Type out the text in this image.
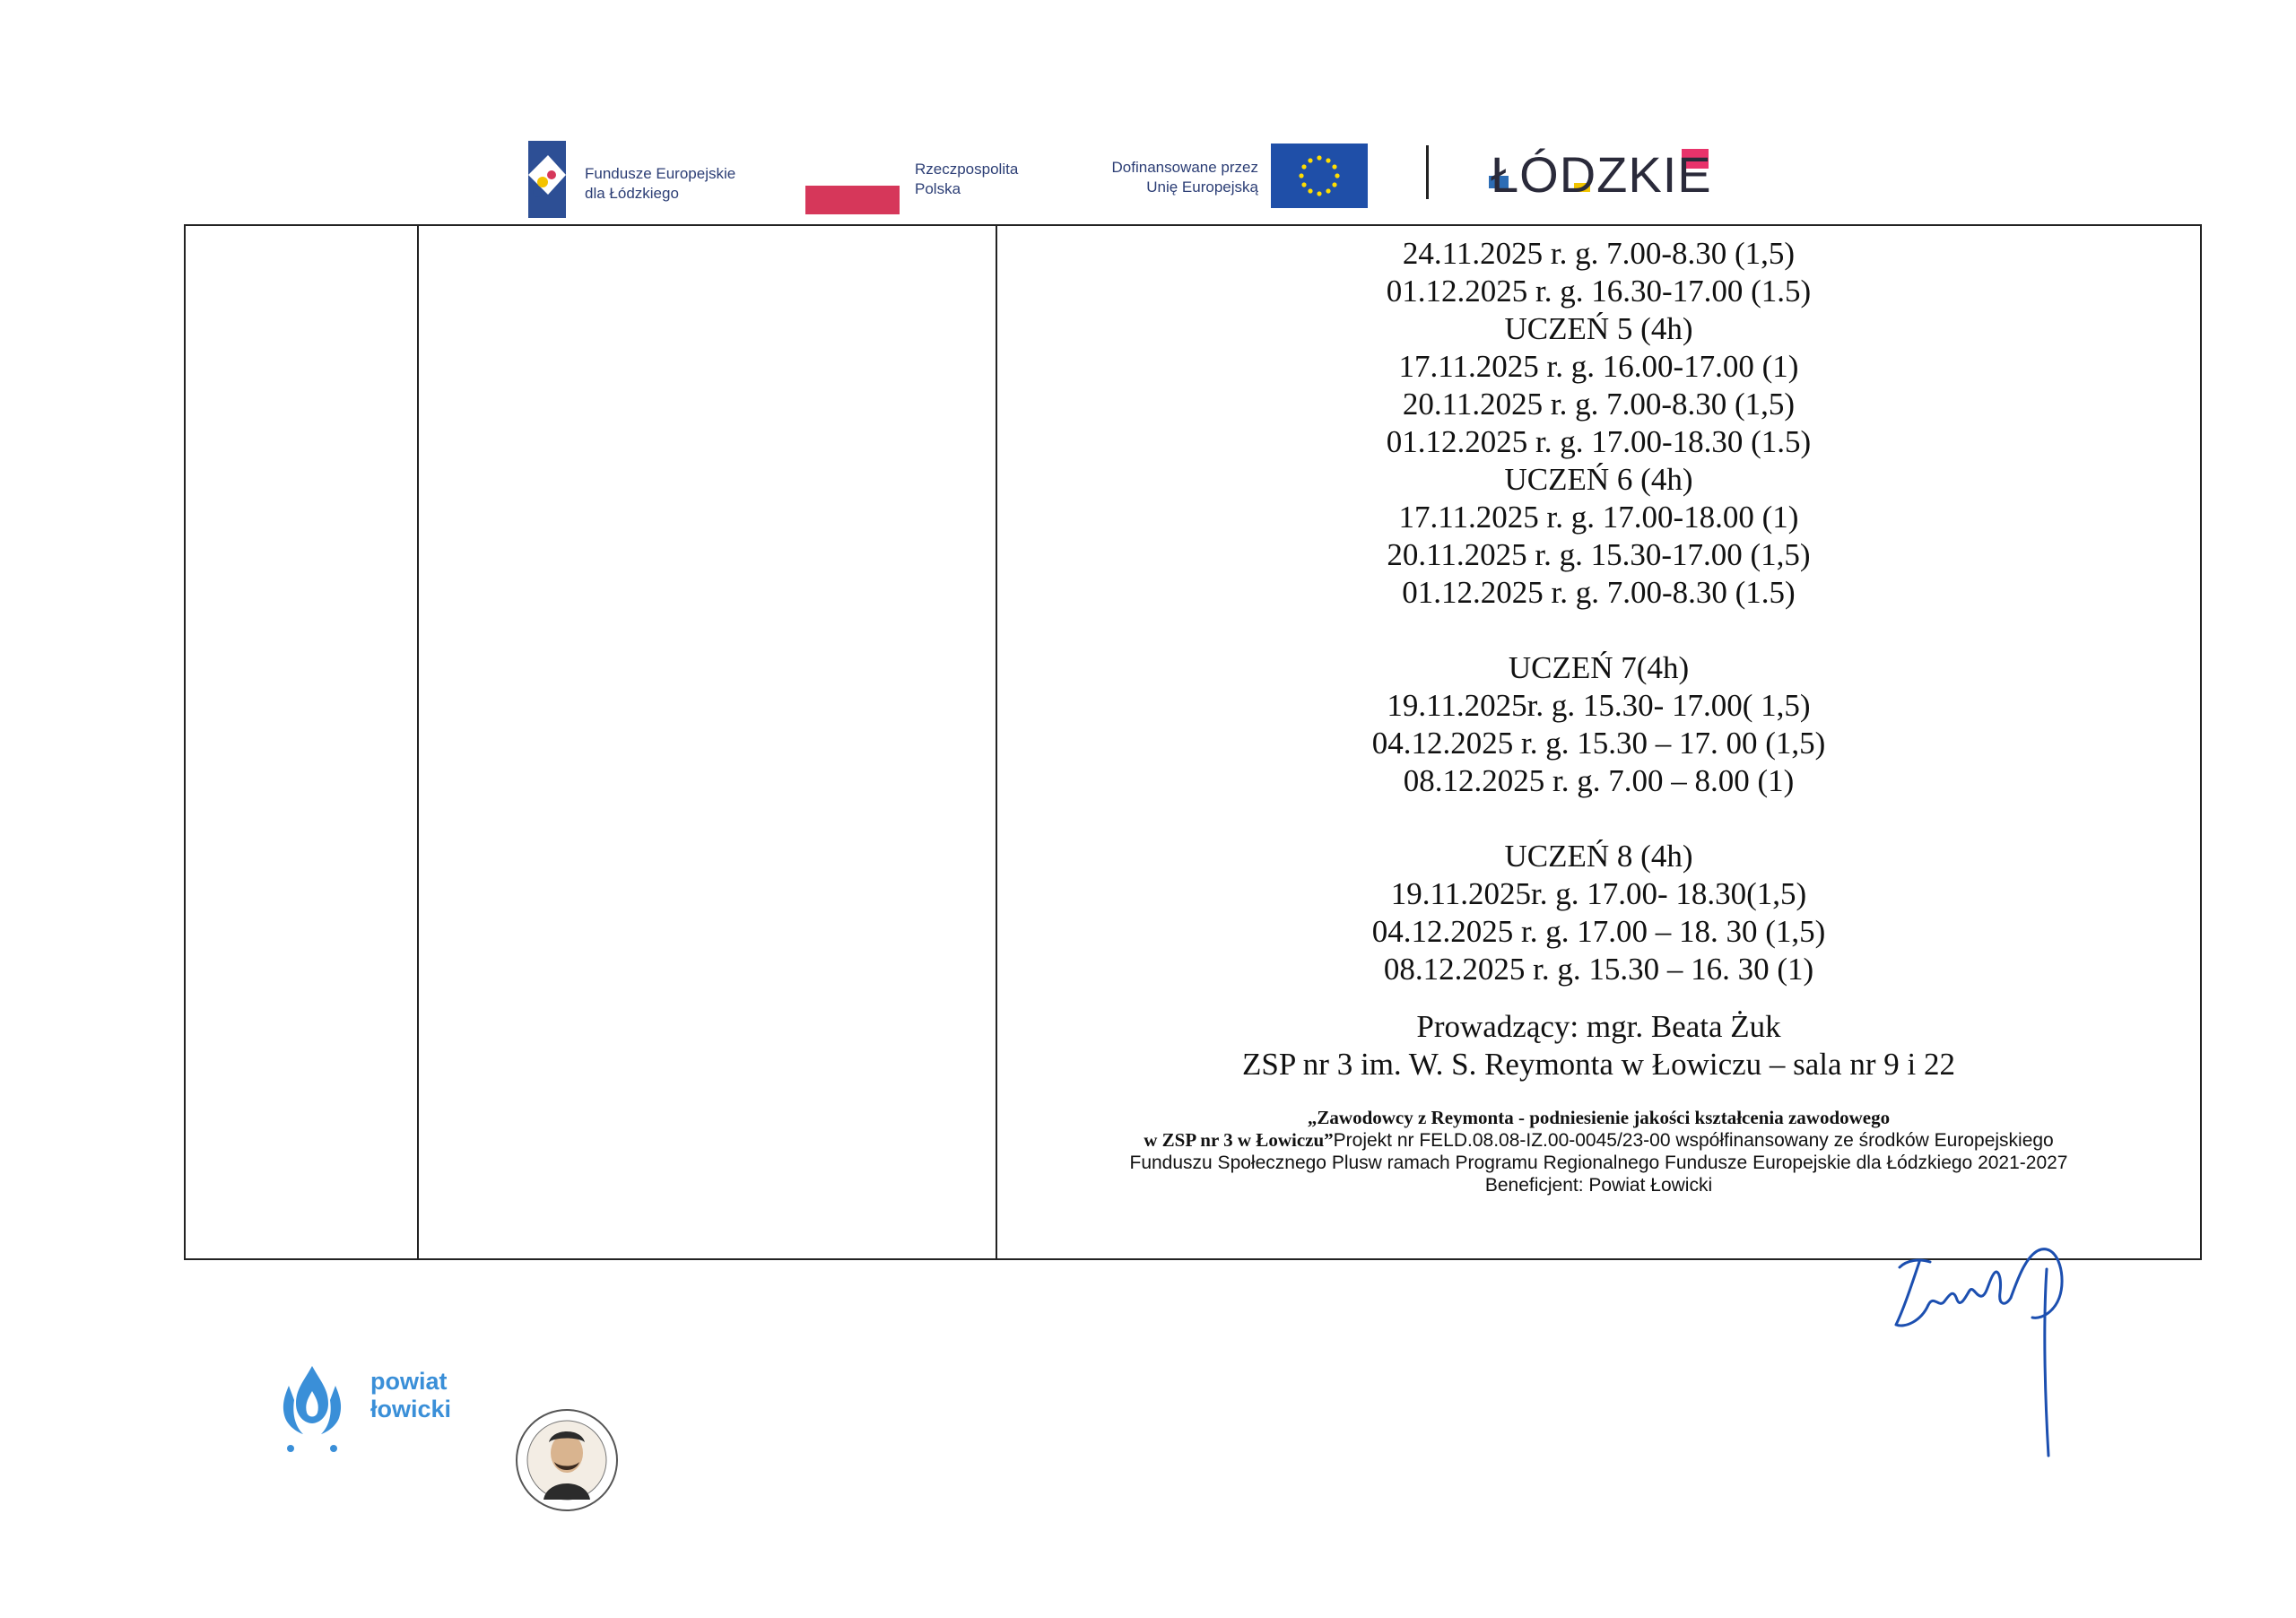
Fundusze Europejskie
dla Łódzkiego
Rzeczpospolita
Polska
Dofinansowane przez
Unię Europejską	ŁÓDZKIE
24.11.2025 r. g. 7.00-8.30 (1,5)
01.12.2025 r. g. 16.30-17.00 (1.5)
UCZEŃ 5 (4h)
17.11.2025 r. g. 16.00-17.00 (1)
20.11.2025 r. g. 7.00-8.30 (1,5)
01.12.2025 r. g. 17.00-18.30 (1.5)
UCZEŃ 6 (4h)
17.11.2025 r. g. 17.00-18.00 (1)
20.11.2025 r. g. 15.30-17.00 (1,5)
01.12.2025 r. g. 7.00-8.30 (1.5)
UCZEŃ 7(4h)
19.11.2025r. g. 15.30- 17.00( 1,5)
04.12.2025 r. g. 15.30 – 17. 00 (1,5)
08.12.2025 r. g. 7.00 – 8.00 (1)
UCZEŃ 8 (4h)
19.11.2025r. g. 17.00- 18.30(1,5)
04.12.2025 r. g. 17.00 – 18. 30 (1,5)
08.12.2025 r. g. 15.30 – 16. 30 (1)
Prowadzący: mgr. Beata Żuk
ZSP nr 3 im. W. S. Reymonta w Łowiczu – sala nr 9 i 22
„Zawodowcy z Reymonta - podniesienie jakości kształcenia zawodowego
w ZSP nr 3 w Łowiczu”Projekt nr FELD.08.08-IZ.00-0045/23-00 współfinansowany ze środków Europejskiego
Funduszu Społecznego Plusw ramach Programu Regionalnego Fundusze Europejskie dla Łódzkiego 2021-2027
Beneficjent: Powiat Łowicki
powiat
łowicki
